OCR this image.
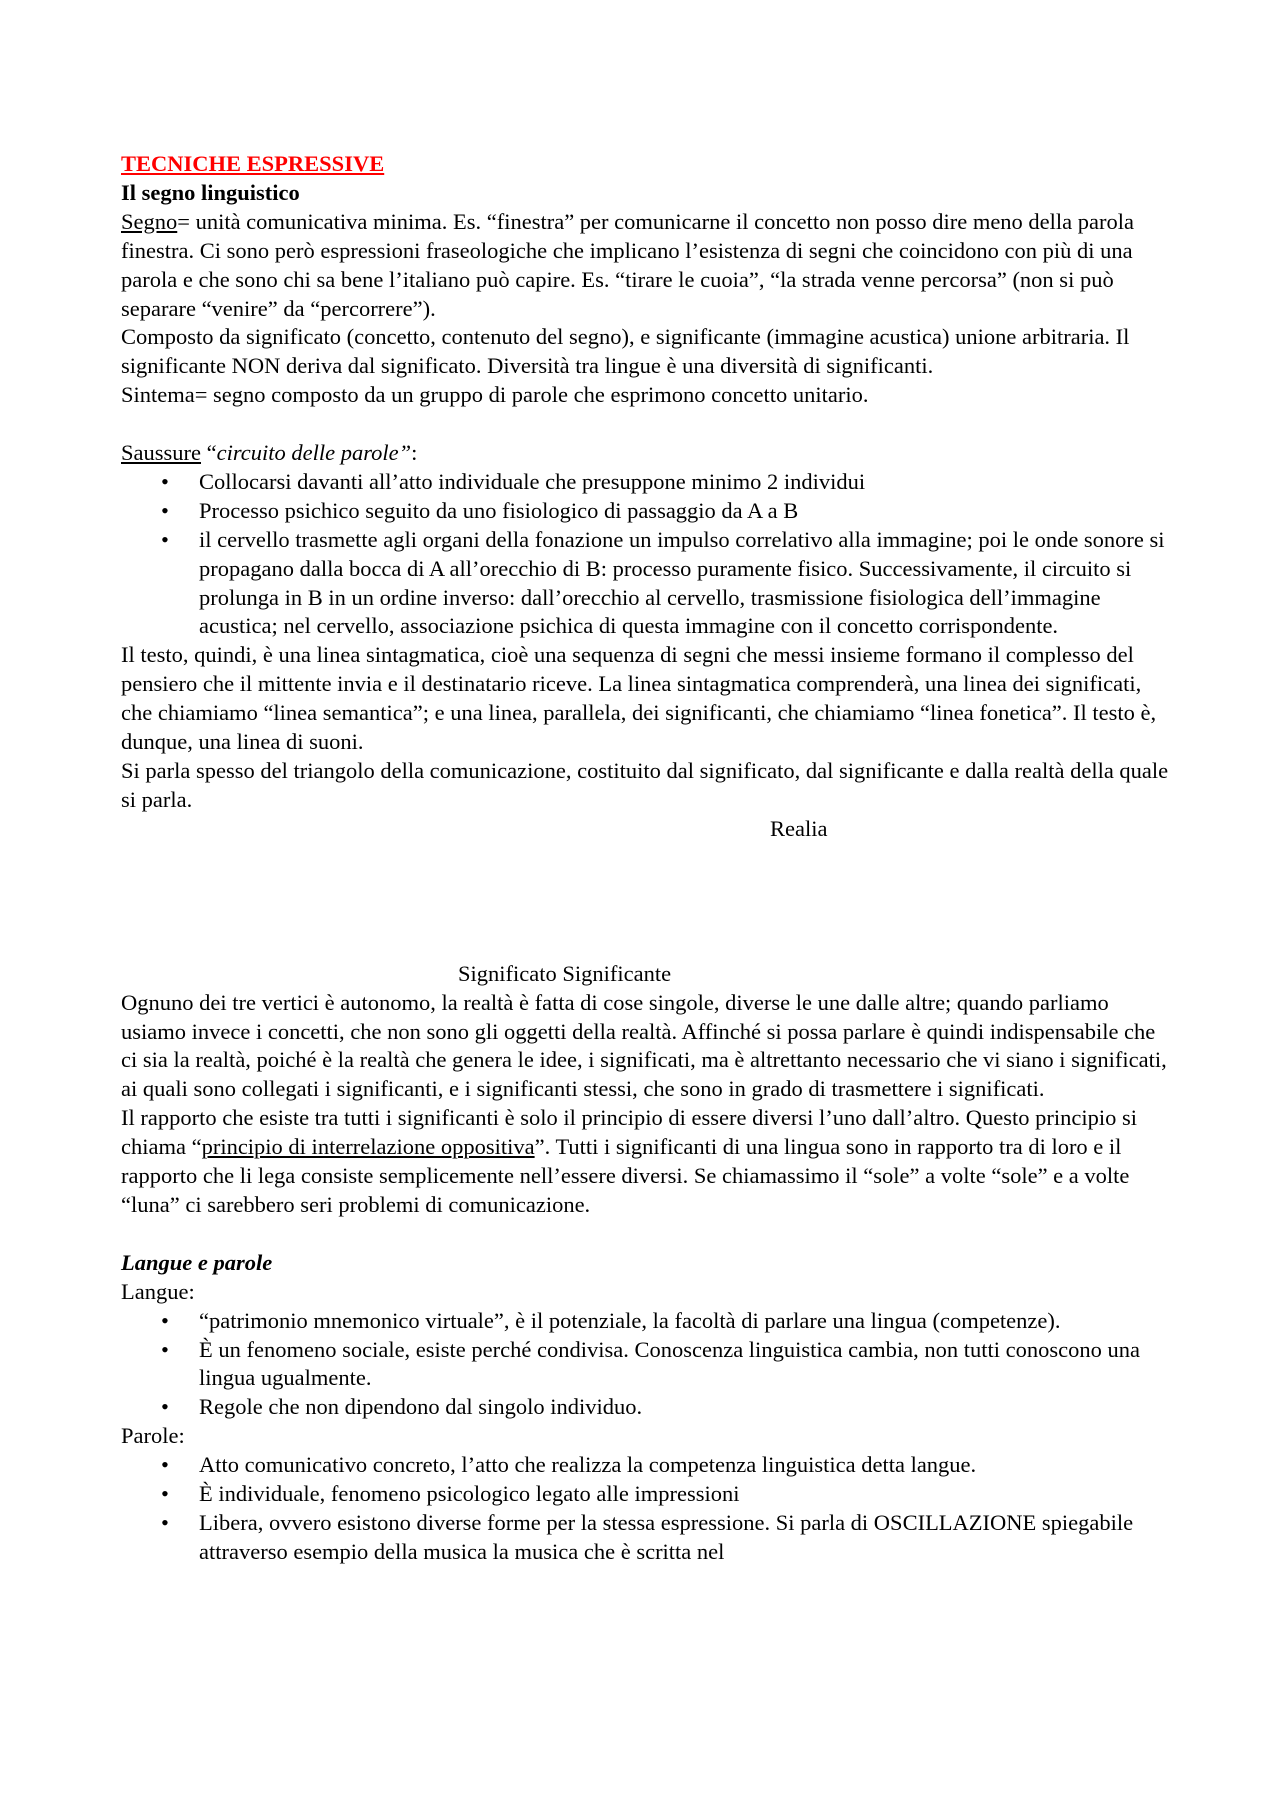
TECNICHE ESPRESSIVE

Il segno linguistico

Segno= unità comunicativa minima. Es. “finestra” per comunicarne il concetto non posso dire meno della parola finestra. Ci sono però espressioni fraseologiche che implicano l’esistenza di segni che coincidono con più di una parola e che sono chi sa bene l’italiano può capire. Es. “tirare le cuoia”, “la strada venne percorsa” (non si può separare “venire” da “percorrere”).

Composto da significato (concetto, contenuto del segno), e significante (immagine acustica) unione arbitraria. Il significante NON deriva dal significato. Diversità tra lingue è una diversità di significanti.

Sintema= segno composto da un gruppo di parole che esprimono concetto unitario.

Saussure “circuito delle parole”:

• Collocarsi davanti all’atto individuale che presuppone minimo 2 individui
• Processo psichico seguito da uno fisiologico di passaggio da A a B
• il cervello trasmette agli organi della fonazione un impulso correlativo alla immagine; poi le onde sonore si propagano dalla bocca di A all’orecchio di B: processo puramente fisico. Successivamente, il circuito si prolunga in B in un ordine inverso: dall’orecchio al cervello, trasmissione fisiologica dell’immagine acustica; nel cervello, associazione psichica di questa immagine con il concetto corrispondente.

Il testo, quindi, è una linea sintagmatica, cioè una sequenza di segni che messi insieme formano il complesso del pensiero che il mittente invia e il destinatario riceve. La linea sintagmatica comprenderà, una linea dei significati, che chiamiamo “linea semantica”; e una linea, parallela, dei significanti, che chiamiamo “linea fonetica”. Il testo è, dunque, una linea di suoni.

Si parla spesso del triangolo della comunicazione, costituito dal significato, dal significante e dalla realtà della quale si parla.

Realia

Significato Significante

Ognuno dei tre vertici è autonomo, la realtà è fatta di cose singole, diverse le une dalle altre; quando parliamo usiamo invece i concetti, che non sono gli oggetti della realtà. Affinché si possa parlare è quindi indispensabile che ci sia la realtà, poiché è la realtà che genera le idee, i significati, ma è altrettanto necessario che vi siano i significati, ai quali sono collegati i significanti, e i significanti stessi, che sono in grado di trasmettere i significati.

Il rapporto che esiste tra tutti i significanti è solo il principio di essere diversi l’uno dall’altro. Questo principio si chiama “principio di interrelazione oppositiva”. Tutti i significanti di una lingua sono in rapporto tra di loro e il rapporto che li lega consiste semplicemente nell’essere diversi. Se chiamassimo il “sole” a volte “sole” e a volte “luna” ci sarebbero seri problemi di comunicazione.

Langue e parole

Langue:

• “patrimonio mnemonico virtuale”, è il potenziale, la facoltà di parlare una lingua (competenze).
• È un fenomeno sociale, esiste perché condivisa. Conoscenza linguistica cambia, non tutti conoscono una lingua ugualmente.
• Regole che non dipendono dal singolo individuo.

Parole:

• Atto comunicativo concreto, l’atto che realizza la competenza linguistica detta langue.
• È individuale, fenomeno psicologico legato alle impressioni
• Libera, ovvero esistono diverse forme per la stessa espressione. Si parla di OSCILLAZIONE spiegabile attraverso esempio della musica la musica che è scritta nel
